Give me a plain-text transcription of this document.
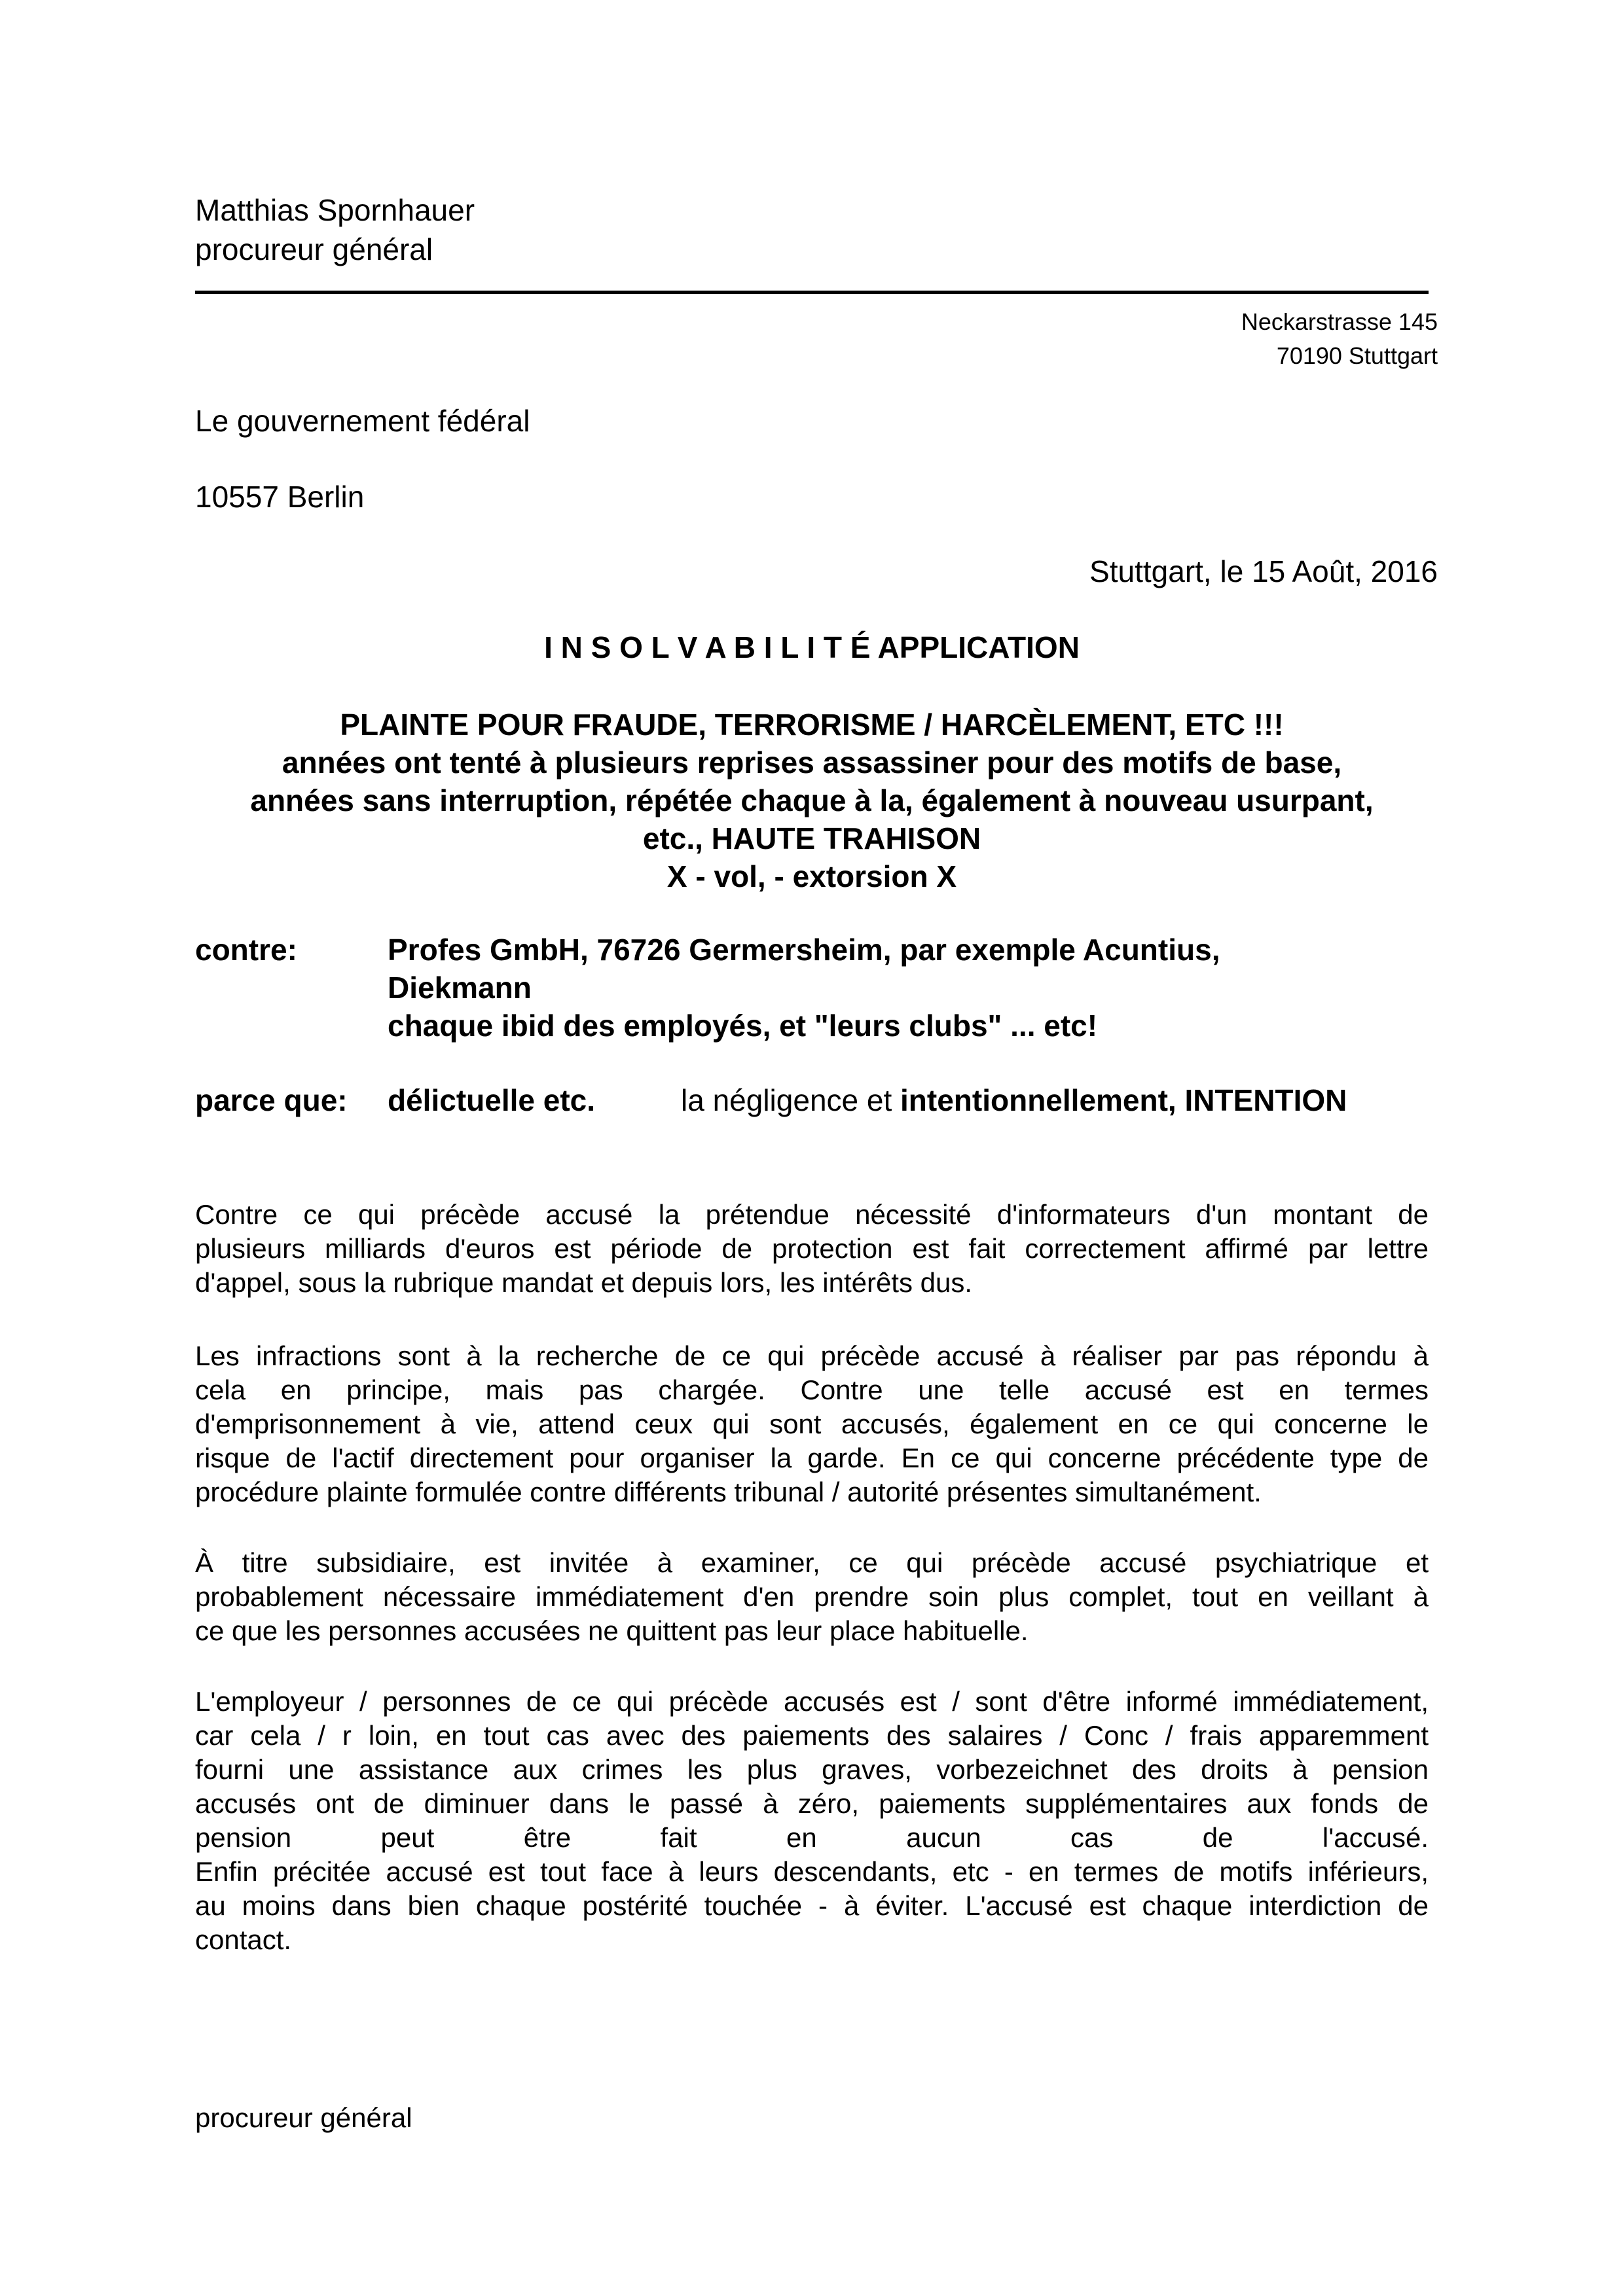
Matthias Spornhauer
procureur général
Neckarstrasse 145
70190 Stuttgart
Le gouvernement fédéral
10557 Berlin
Stuttgart, le 15 Août, 2016
I N S O L V A B I L I T É APPLICATION
PLAINTE POUR FRAUDE, TERRORISME / HARCÈLEMENT, ETC !!!
années ont tenté à plusieurs reprises assassiner pour des motifs de base,
années sans interruption, répétée chaque à la, également à nouveau usurpant,
etc., HAUTE TRAHISON
X - vol, - extorsion X
contre:	Profes GmbH, 76726 Germersheim, par exemple Acuntius,
Diekmann
chaque ibid des employés, et "leurs clubs" ... etc!
parce que: délictuelle etc.	la négligence et intentionnellement, INTENTION
Contre ce qui précède accusé la prétendue nécessité d'informateurs d'un montant de
plusieurs milliards d'euros est période de protection est fait correctement affirmé par lettre
d'appel, sous la rubrique mandat et depuis lors, les intérêts dus.
Les infractions sont à la recherche de ce qui précède accusé à réaliser par pas répondu à
cela en principe, mais pas chargée. Contre une telle accusé est en termes
d'emprisonnement à vie, attend ceux qui sont accusés, également en ce qui concerne le
risque de l'actif directement pour organiser la garde. En ce qui concerne précédente type de
procédure plainte formulée contre différents tribunal / autorité présentes simultanément.
À titre subsidiaire, est invitée à examiner, ce qui précède accusé psychiatrique et
probablement nécessaire immédiatement d'en prendre soin plus complet, tout en veillant à
ce que les personnes accusées ne quittent pas leur place habituelle.
L'employeur / personnes de ce qui précède accusés est / sont d'être informé immédiatement,
car cela / r loin, en tout cas avec des paiements des salaires / Conc / frais apparemment
fourni une assistance aux crimes les plus graves, vorbezeichnet des droits à pension
accusés ont de diminuer dans le passé à zéro, paiements supplémentaires aux fonds de
pension peut être fait en aucun cas de l'accusé.
Enfin précitée accusé est tout face à leurs descendants, etc - en termes de motifs inférieurs,
au moins dans bien chaque postérité touchée - à éviter. L'accusé est chaque interdiction de
contact.
procureur général
